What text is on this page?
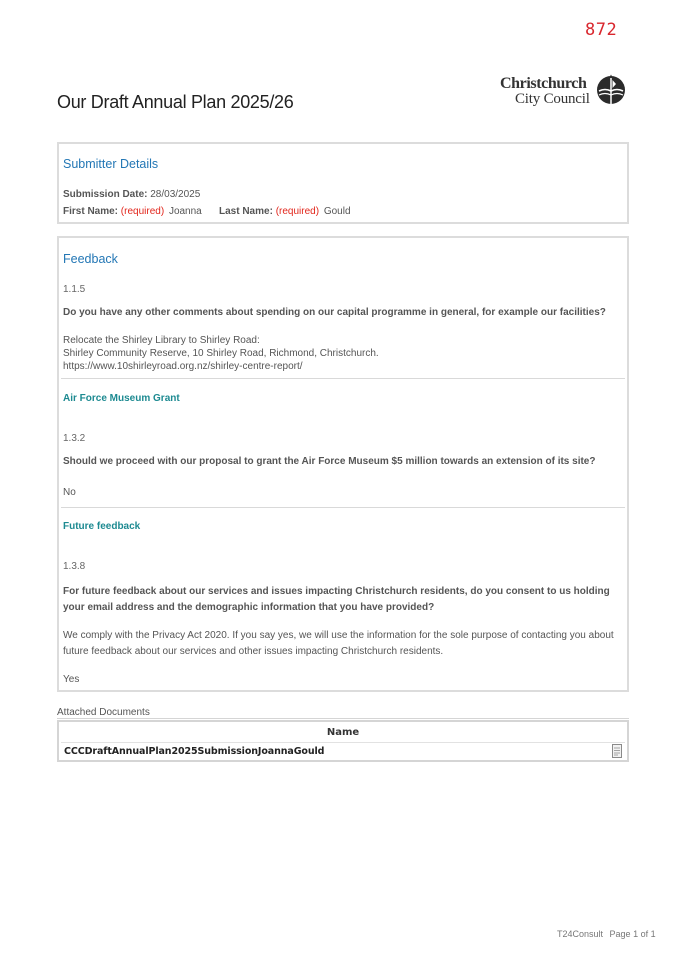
872
Our Draft Annual Plan 2025/26
Christchurch
City Council
Submitter Details
Submission Date: 28/03/2025
First Name: (required) Joanna Last Name: (required) Gould
Feedback
1.1.5
Do you have any other comments about spending on our capital programme in general, for example our facilities?
Relocate the Shirley Library to Shirley Road:
Shirley Community Reserve, 10 Shirley Road, Richmond, Christchurch.
https://www.10shirleyroad.org.nz/shirley-centre-report/
Air Force Museum Grant
1.3.2
Should we proceed with our proposal to grant the Air Force Museum $5 million towards an extension of its site?
No
Future feedback
1.3.8
For future feedback about our services and issues impacting Christchurch residents, do you consent to us holding your email address and the demographic information that you have provided?
We comply with the Privacy Act 2020. If you say yes, we will use the information for the sole purpose of contacting you about future feedback about our services and other issues impacting Christchurch residents.
Yes
Attached Documents
Name
CCCDraftAnnualPlan2025SubmissionJoannaGould
T24Consult Page 1 of 1
